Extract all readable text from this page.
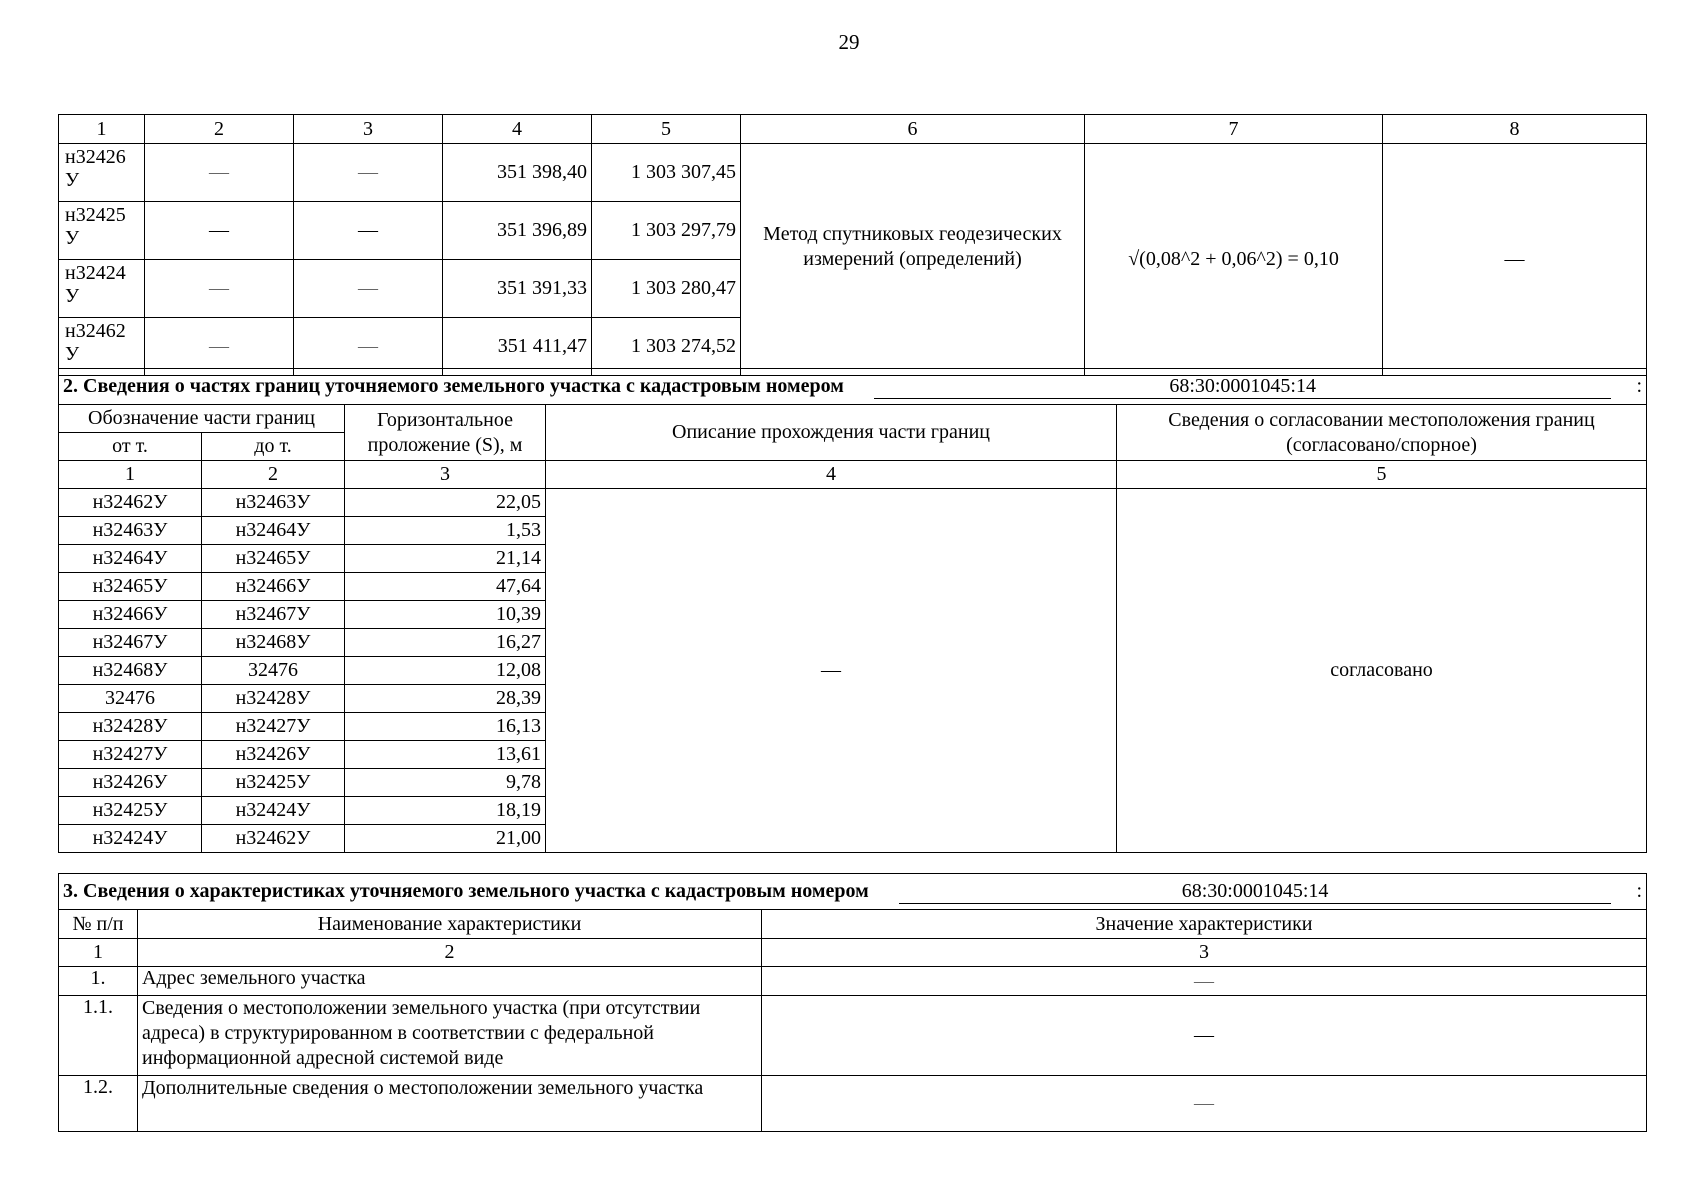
29
1	2	3	4	5	6	7	8
н32426 У	—	—	351 398,40	1 303 307,45	Метод спутниковых геодезических измерений (определений)	√(0,08^2 + 0,06^2) = 0,10	—
н32425 У	—	—	351 396,89	1 303 297,79			
н32424 У	—	—	351 391,33	1 303 280,47			
н32462 У	—	—	351 411,47	1 303 274,52			
2. Сведения о частях границ уточняемого земельного участка с кадастровым номером 68:30:0001045:14 :				

Обозначение части границ		Горизонтальное проложение (S), м	Описание прохождения части границ	Сведения о согласовании местоположения границ (согласовано/спорное)
от т.	до т.			
1	2	3	4	5
н32462У	н32463У	22,05	—	согласовано
н32463У	н32464У	1,53		
н32464У	н32465У	21,14		
н32465У	н32466У	47,64		
н32466У	н32467У	10,39		
н32467У	н32468У	16,27		
н32468У	32476	12,08		
32476	н32428У	28,39		
н32428У	н32427У	16,13		
н32427У	н32426У	13,61		
н32426У	н32425У	9,78		
н32425У	н32424У	18,19		
н32424У	н32462У	21,00		
3. Сведения о характеристиках уточняемого земельного участка с кадастровым номером 68:30:0001045:14 :		

№ п/п	Наименование характеристики	Значение характеристики
1	2	3
1.	Адрес земельного участка	—
1.1.	Сведения о местоположении земельного участка (при отсутствии адреса) в структурированном в соответствии с федеральной информационной адресной системой виде	—
1.2.	Дополнительные сведения о местоположении земельного участка	—
